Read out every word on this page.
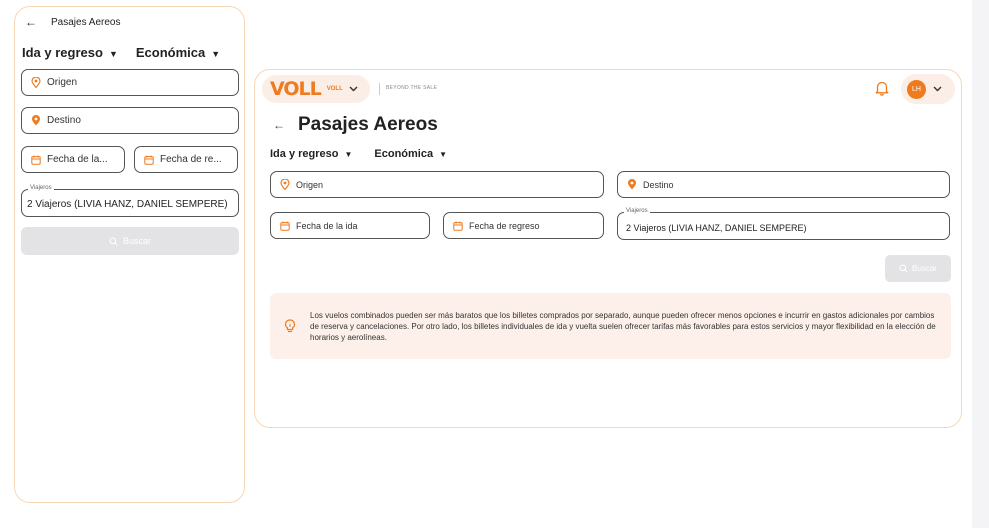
← Pasajes Aereos
Ida y regreso ▼ Económica ▼
Origen
Destino
Fecha de la...	Fecha de re...
Viajeros
2 Viajeros (LIVIA HANZ, DANIEL SEMPERE)
Buscar
VOLL VOLL	BEYOND THE SALE	LH
← Pasajes Aereos
Ida y regreso ▼ Económica ▼
Origen	Destino
Fecha de la ida	Fecha de regreso
Viajeros
2 Viajeros (LIVIA HANZ, DANIEL SEMPERE)
Buscar

Los vuelos combinados pueden ser más baratos que los billetes comprados por separado, aunque pueden ofrecer menos opciones e incurrir en gastos adicionales por cambios de reserva y cancelaciones. Por otro lado, los billetes individuales de ida y vuelta suelen ofrecer tarifas más favorables para estos servicios y mayor flexibilidad en la elección de horarios y aerolíneas.
